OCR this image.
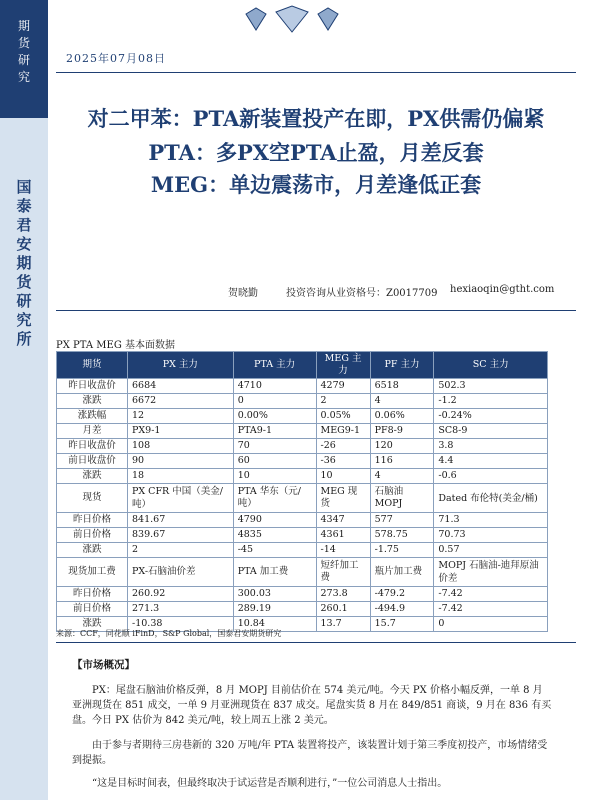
期
货
研
究
国
泰
君
安
期
货
研
究
所
2025年07月08日
对二甲苯：PTA新装置投产在即，PX供需仍偏紧
PTA：多PX空PTA止盈，月差反套
MEG：单边震荡市，月差逢低正套
贺晓勤	投资咨询从业资格号：Z0017709 hexiaoqin@gtht.com
PX PTA MEG 基本面数据
期货	PX 主力	PTA 主力	MEG 主力	PF 主力	SC 主力
昨日收盘价	6684	4710	4279	6518	502.3
涨跌	6672	0	2	4	-1.2
涨跌幅	12	0.00%	0.05%	0.06%	-0.24%
月差	PX9-1	PTA9-1	MEG9-1	PF8-9	SC8-9
昨日收盘价	108	70	-26	120	3.8
前日收盘价	90	60	-36	116	4.4
涨跌	18	10	10	4	-0.6
现货	PX CFR 中国（美金/吨）	PTA 华东（元/吨）	MEG 现货	石脑油 MOPJ	Dated 布伦特(美金/桶)
昨日价格	841.67	4790	4347	577	71.3
前日价格	839.67	4835	4361	578.75	70.73
涨跌	2	-45	-14	-1.75	0.57
现货加工费	PX-石脑油价差	PTA 加工费	短纤加工费	瓶片加工费	MOPJ 石脑油-迪拜原油价差
昨日价格	260.92	300.03	273.8	-479.2	-7.42
前日价格	271.3	289.19	260.1	-494.9	-7.42
涨跌	-10.38	10.84	13.7	15.7	0
来源：CCF，同花顺 iFinD，S&P Global，国泰君安期货研究
【市场概况】
PX：尾盘石脑油价格反弹，8 月 MOPJ 目前估价在 574 美元/吨。今天 PX 价格小幅反弹，一单 8 月亚洲现货在 851 成交，一单 9 月亚洲现货在 837 成交。尾盘实货 8 月在 849/851 商谈，9 月在 836 有买盘。今日 PX 估价为 842 美元/吨，较上周五上涨 2 美元。
由于参与者期待三房巷新的 320 万吨/年 PTA 装置将投产，该装置计划于第三季度初投产，市场情绪受到提振。
“这是目标时间表，但最终取决于试运营是否顺利进行，”一位公司消息人士指出。
